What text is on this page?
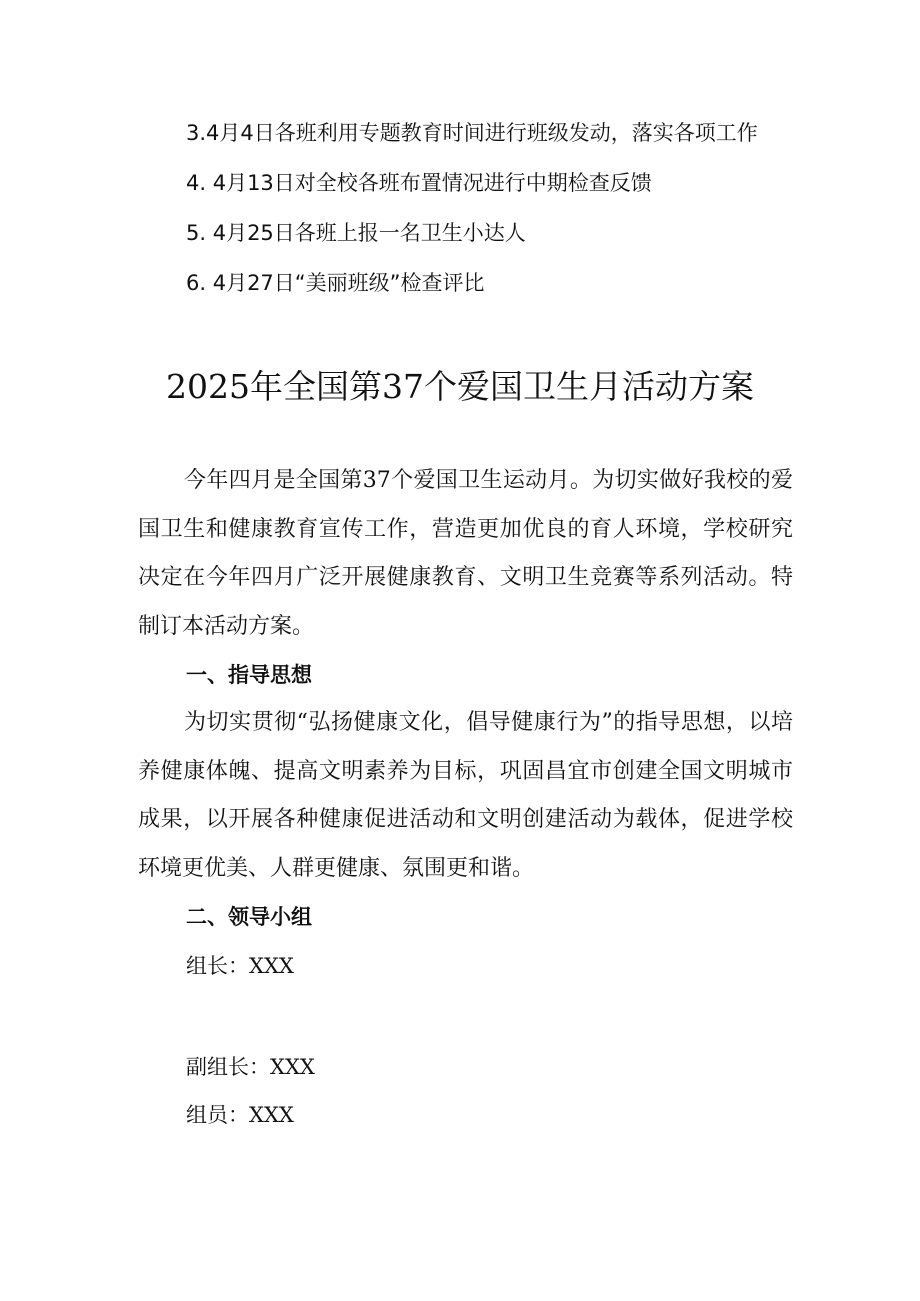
3.4月4日各班利用专题教育时间进行班级发动，落实各项工作
4. 4月13日对全校各班布置情况进行中期检查反馈
5. 4月25日各班上报一名卫生小达人
6. 4月27日“美丽班级”检查评比
2025年全国第37个爱国卫生月活动方案

今年四月是全国第37个爱国卫生运动月。为切实做好我校的爱国卫生和健康教育宣传工作，营造更加优良的育人环境，学校研究决定在今年四月广泛开展健康教育、文明卫生竞赛等系列活动。特制订本活动方案。

一、指导思想

为切实贯彻“弘扬健康文化，倡导健康行为”的指导思想，以培养健康体魄、提高文明素养为目标，巩固昌宜市创建全国文明城市成果，以开展各种健康促进活动和文明创建活动为载体，促进学校环境更优美、人群更健康、氛围更和谐。

二、领导小组
组长：XXX
副组长：XXX
组员：XXX
